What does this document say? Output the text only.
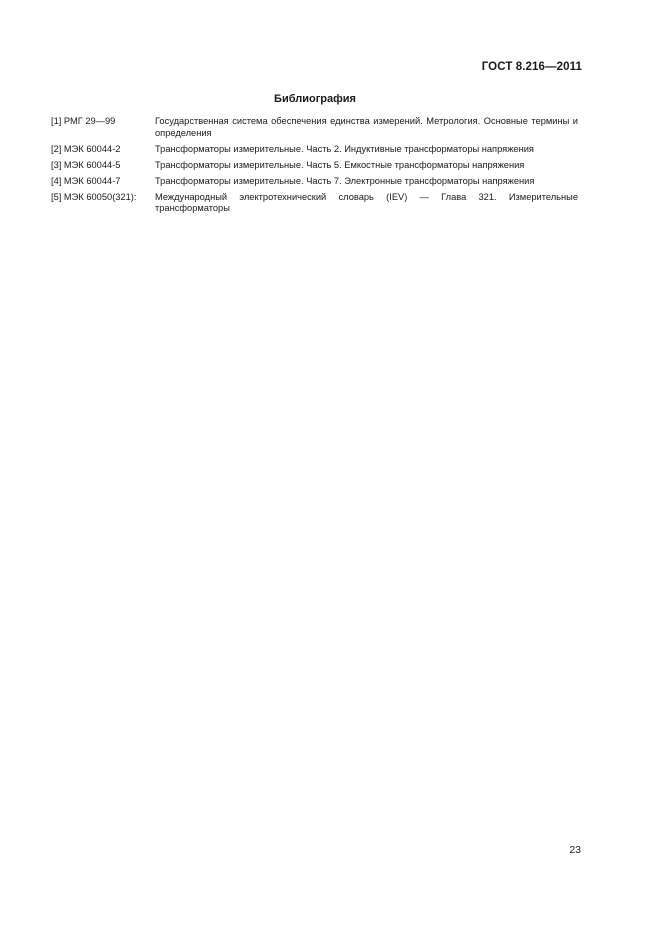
ГОСТ 8.216—2011
Библиография
[1] РМГ 29—99	Государственная система обеспечения единства измерений. Метрология. Основные термины и определения
[2] МЭК 60044-2	Трансформаторы измерительные. Часть 2. Индуктивные трансформаторы напряжения
[3] МЭК 60044-5	Трансформаторы измерительные. Часть 5. Емкостные трансформаторы напряжения
[4] МЭК 60044-7	Трансформаторы измерительные. Часть 7. Электронные трансформаторы напряжения
[5] МЭК 60050(321):	Международный электротехнический словарь (IEV) — Глава 321. Измерительные трансформаторы
23
